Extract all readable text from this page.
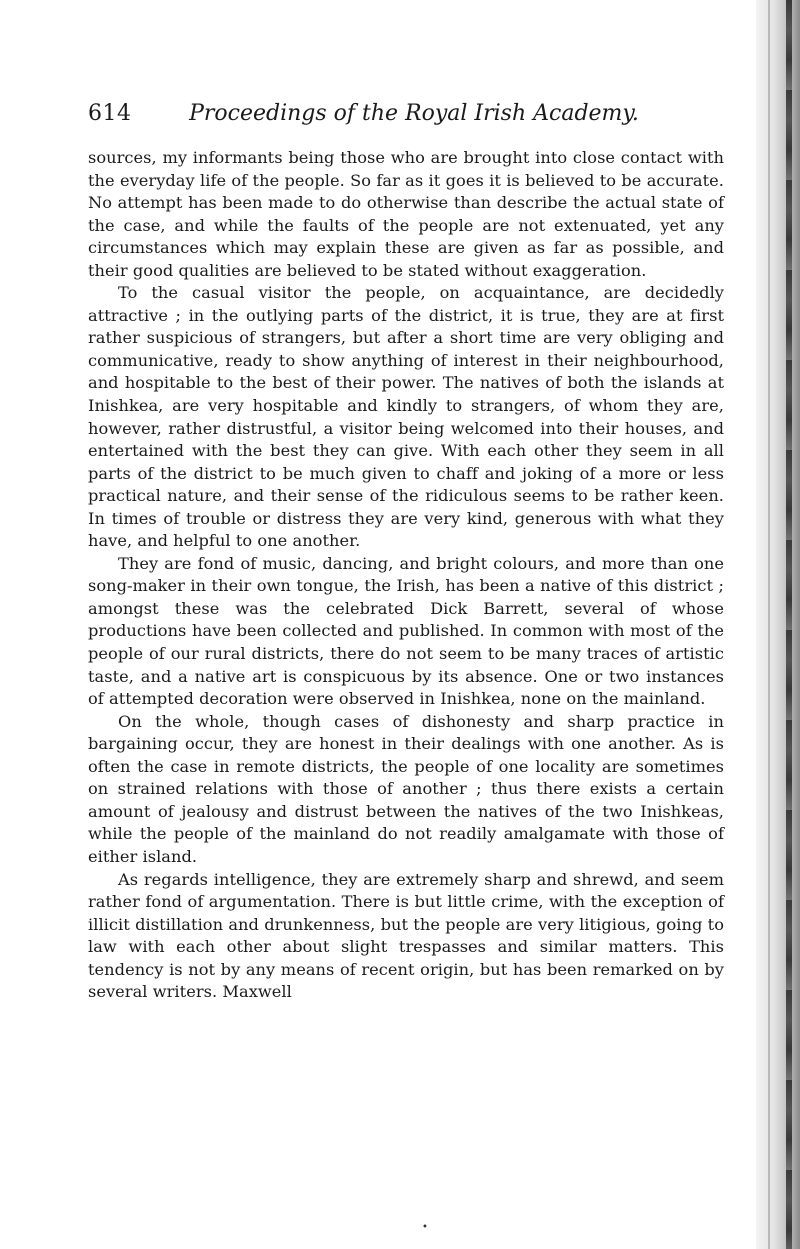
614	Proceedings of the Royal Irish Academy.

sources, my informants being those who are brought into close contact with the everyday life of the people. So far as it goes it is believed to be accurate. No attempt has been made to do otherwise than describe the actual state of the case, and while the faults of the people are not extenuated, yet any circumstances which may explain these are given as far as possible, and their good qualities are believed to be stated without exaggeration.

To the casual visitor the people, on acquaintance, are decidedly attractive ; in the outlying parts of the district, it is true, they are at first rather suspicious of strangers, but after a short time are very obliging and communicative, ready to show anything of interest in their neighbourhood, and hospitable to the best of their power. The natives of both the islands at Inishkea, are very hospitable and kindly to strangers, of whom they are, however, rather distrustful, a visitor being welcomed into their houses, and entertained with the best they can give. With each other they seem in all parts of the district to be much given to chaff and joking of a more or less practical nature, and their sense of the ridiculous seems to be rather keen. In times of trouble or distress they are very kind, generous with what they have, and helpful to one another.

They are fond of music, dancing, and bright colours, and more than one song-maker in their own tongue, the Irish, has been a native of this district ; amongst these was the celebrated Dick Barrett, several of whose productions have been collected and published. In common with most of the people of our rural districts, there do not seem to be many traces of artistic taste, and a native art is conspicuous by its absence. One or two instances of attempted decoration were observed in Inishkea, none on the mainland.

On the whole, though cases of dishonesty and sharp practice in bargaining occur, they are honest in their dealings with one another. As is often the case in remote districts, the people of one locality are sometimes on strained relations with those of another ; thus there exists a certain amount of jealousy and distrust between the natives of the two Inishkeas, while the people of the mainland do not readily amalgamate with those of either island.

As regards intelligence, they are extremely sharp and shrewd, and seem rather fond of argumentation. There is but little crime, with the exception of illicit distillation and drunkenness, but the people are very litigious, going to law with each other about slight trespasses and similar matters. This tendency is not by any means of recent origin, but has been remarked on by several writers. Maxwell

•
